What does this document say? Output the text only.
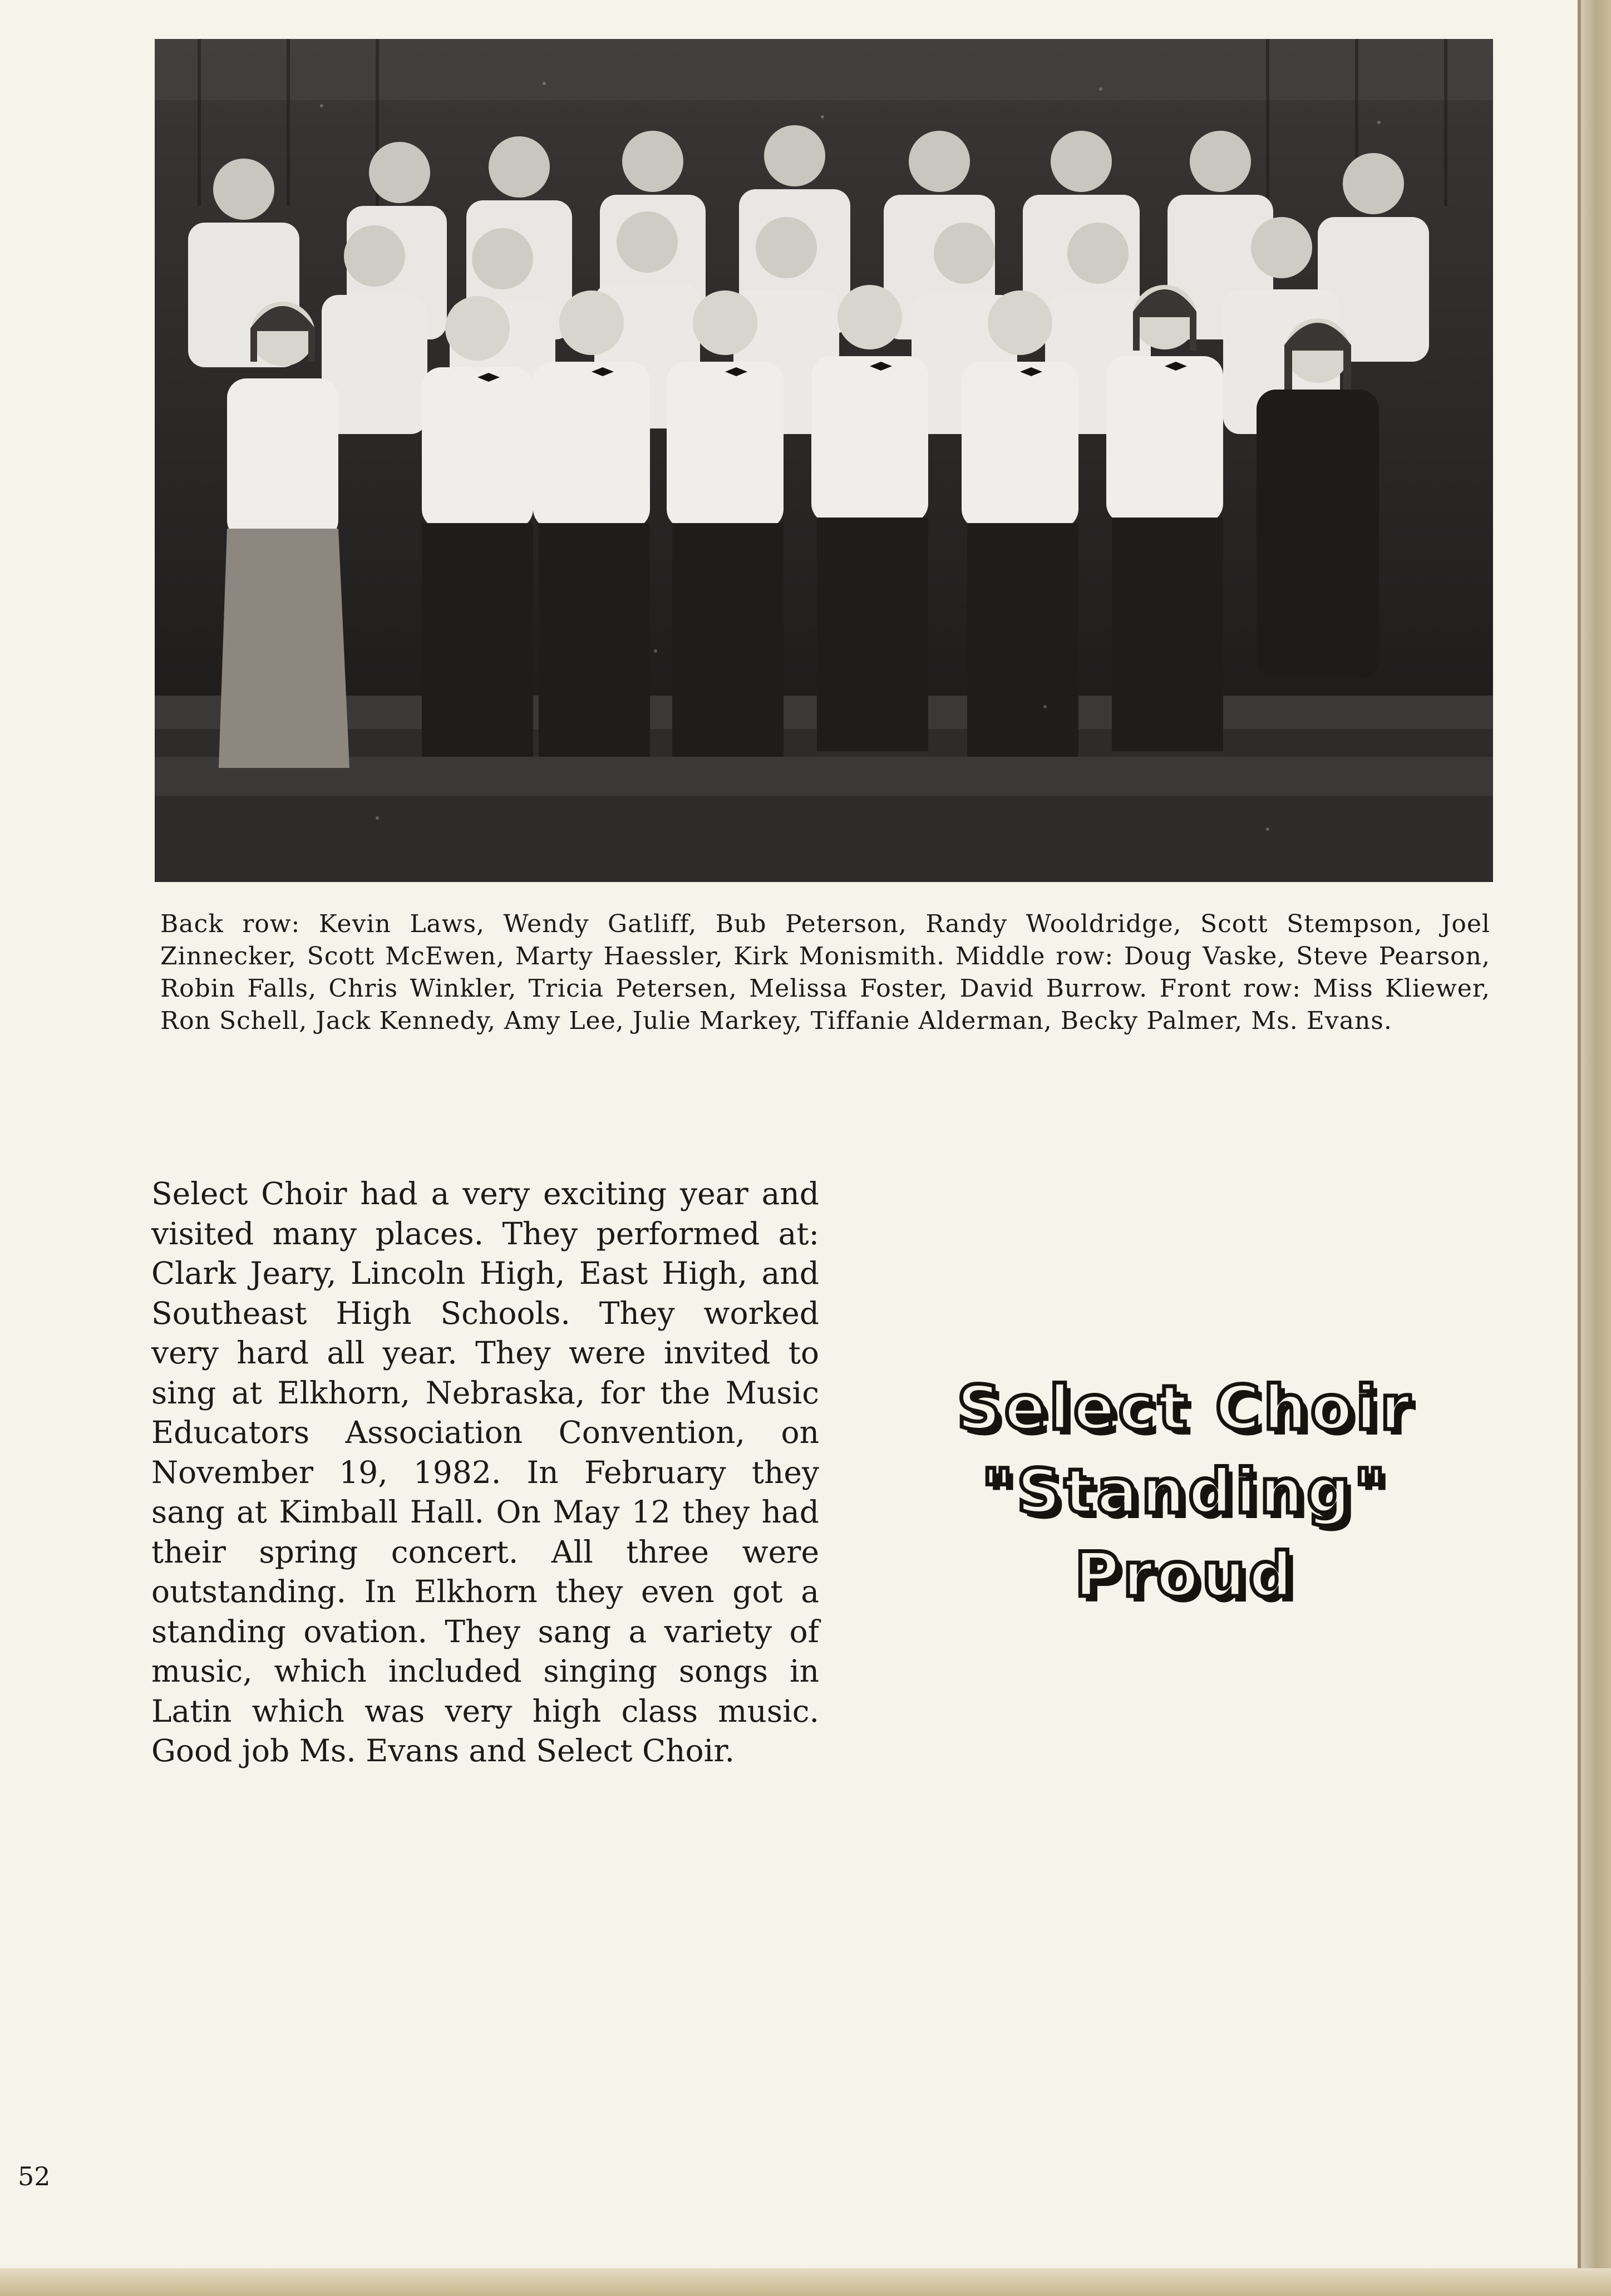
Back row: Kevin Laws, Wendy Gatliff, Bub Peterson, Randy Wooldridge, Scott Stempson, Joel Zinnecker, Scott McEwen, Marty Haessler, Kirk Monismith. Middle row: Doug Vaske, Steve Pearson, Robin Falls, Chris Winkler, Tricia Petersen, Melissa Foster, David Burrow. Front row: Miss Kliewer, Ron Schell, Jack Kennedy, Amy Lee, Julie Markey, Tiffanie Alderman, Becky Palmer, Ms. Evans.
Select Choir had a very exciting year and visited many places. They performed at: Clark Jeary, Lincoln High, East High, and Southeast High Schools. They worked very hard all year. They were invited to sing at Elkhorn, Nebraska, for the Music Educators Association Convention, on November 19, 1982. In February they sang at Kimball Hall. On May 12 they had their spring concert. All three were outstanding. In Elkhorn they even got a standing ovation. They sang a variety of music, which included singing songs in Latin which was very high class music. Good job Ms. Evans and Select Choir.
Select Choir
"Standing"
Proud
52
